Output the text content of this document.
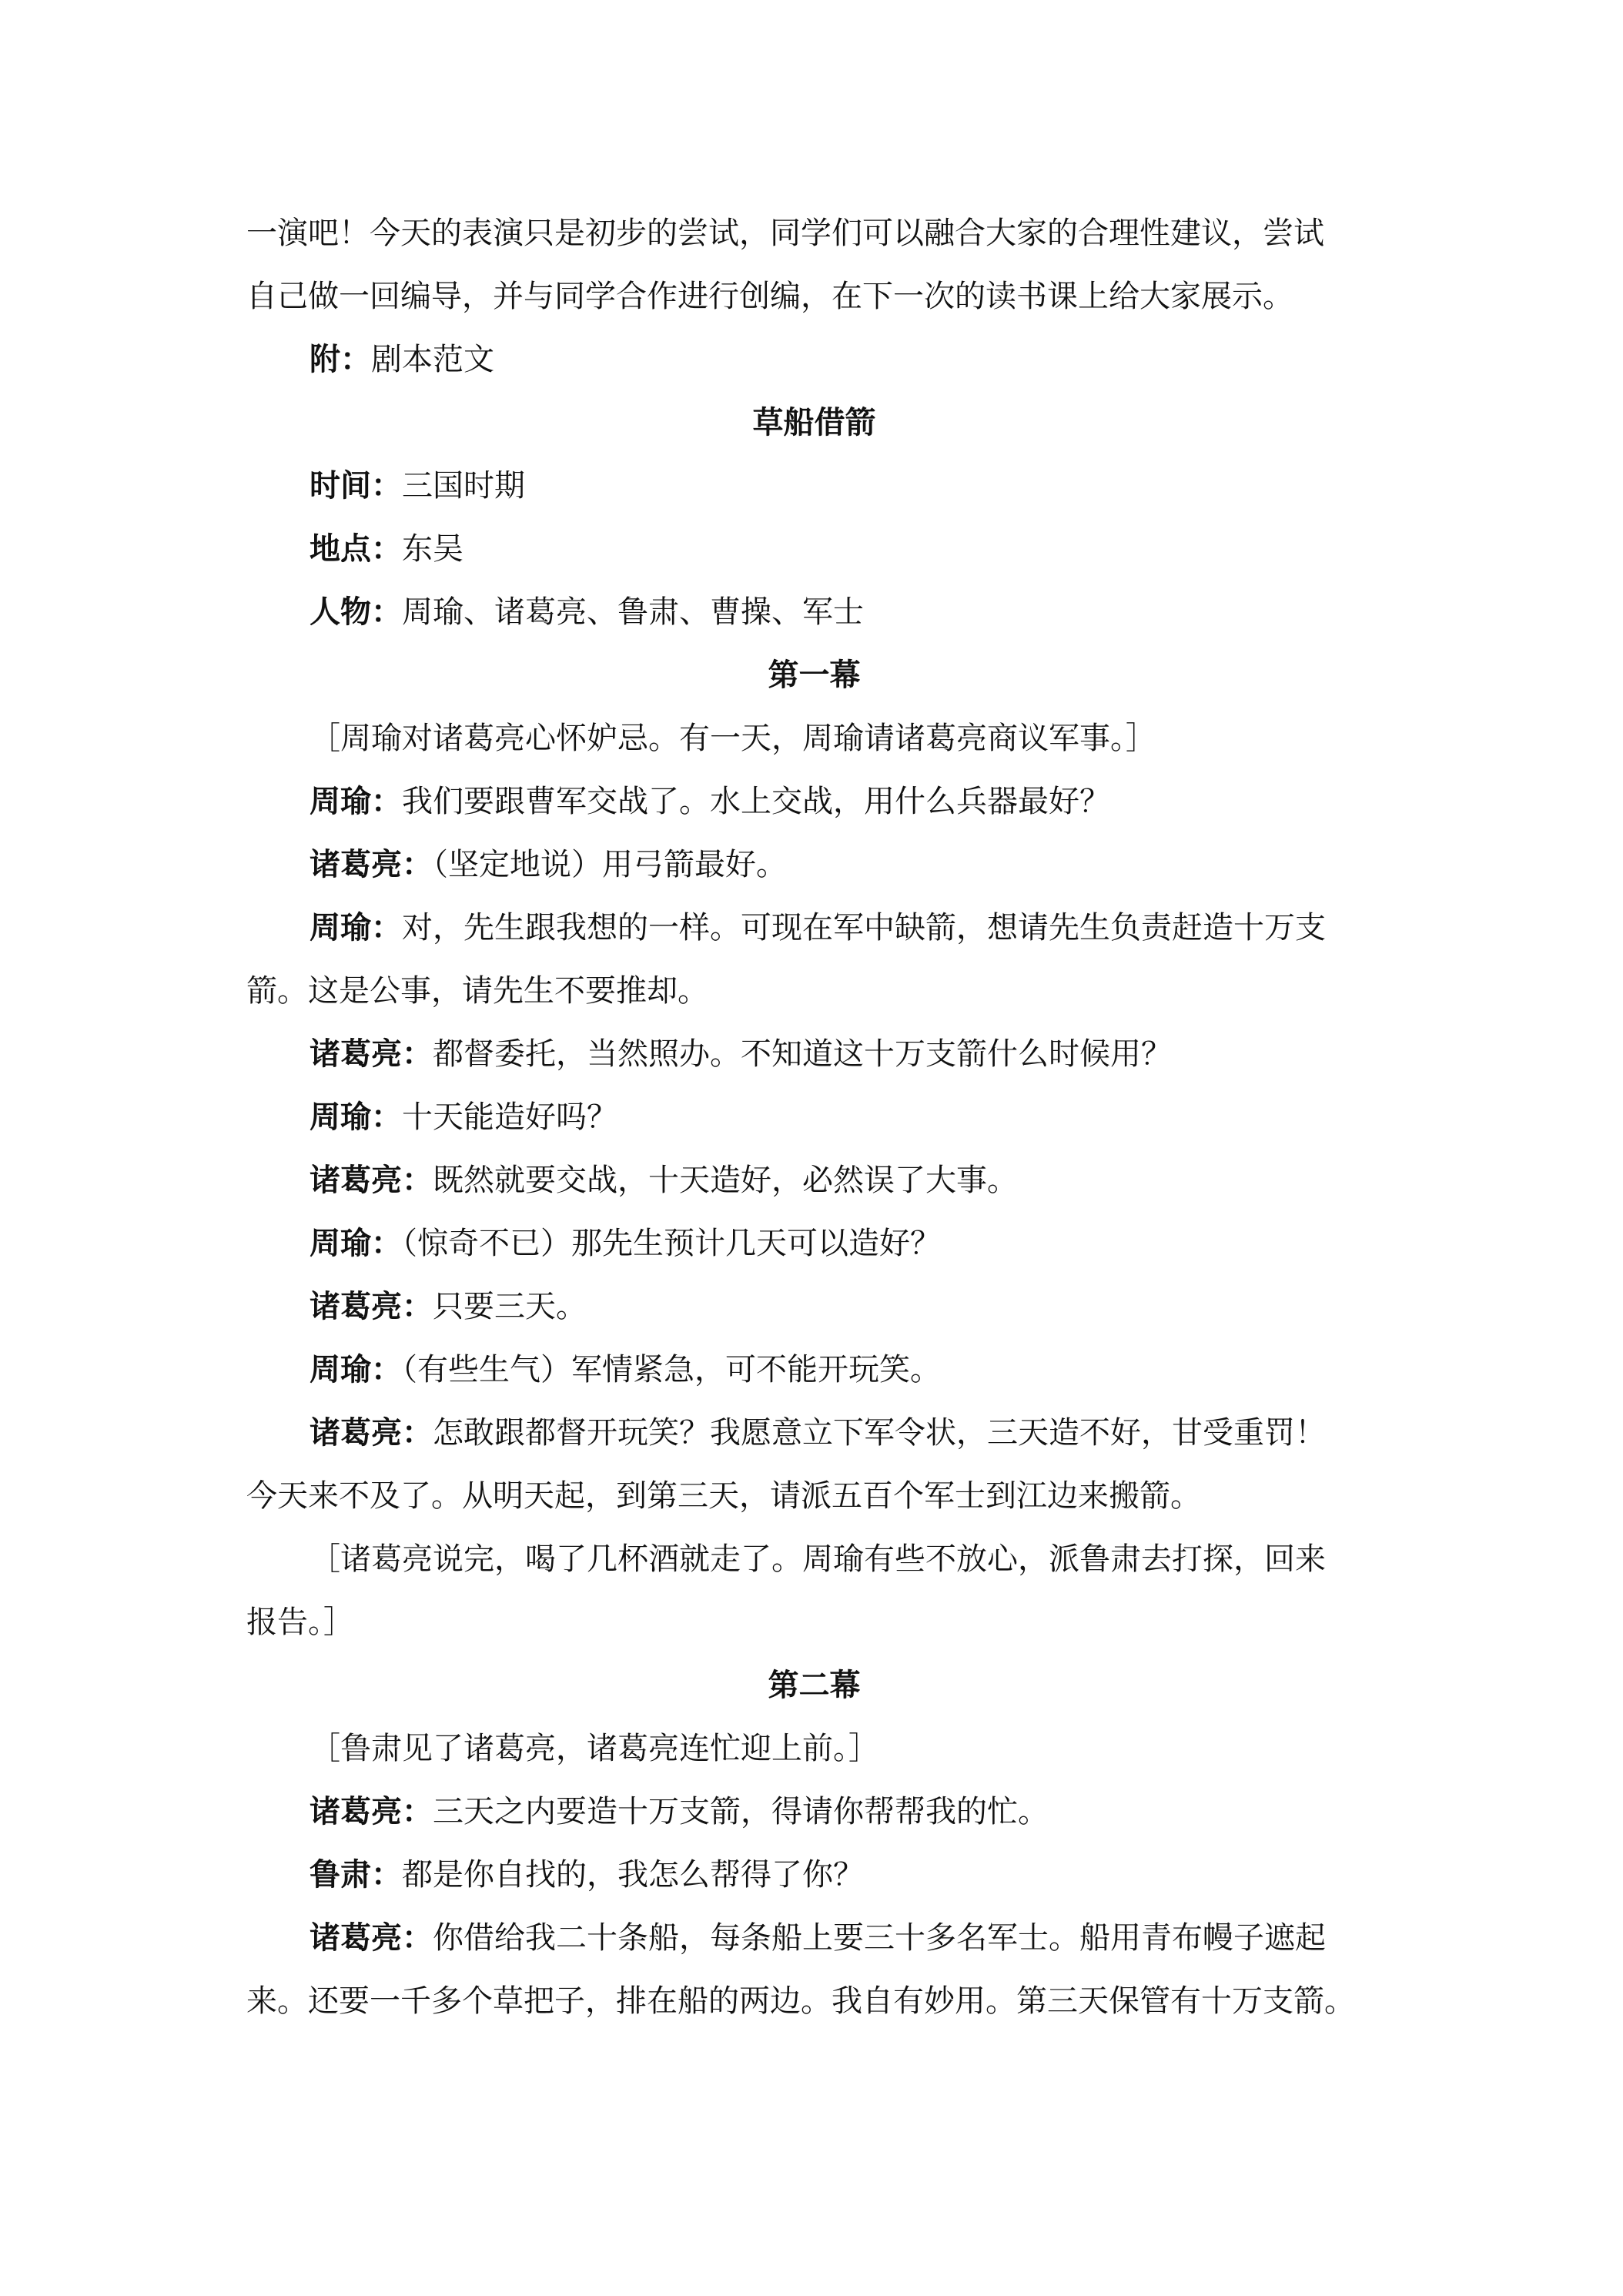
一演吧！今天的表演只是初步的尝试，同学们可以融合大家的合理性建议，尝试

自己做一回编导，并与同学合作进行创编，在下一次的读书课上给大家展示。

附：剧本范文

草船借箭

时间：三国时期

地点：东吴

人物：周瑜、诸葛亮、鲁肃、曹操、军士

第一幕

［周瑜对诸葛亮心怀妒忌。有一天，周瑜请诸葛亮商议军事。］

周瑜：我们要跟曹军交战了。水上交战，用什么兵器最好？

诸葛亮：（坚定地说）用弓箭最好。

周瑜：对，先生跟我想的一样。可现在军中缺箭，想请先生负责赶造十万支

箭。这是公事，请先生不要推却。

诸葛亮：都督委托，当然照办。不知道这十万支箭什么时候用？

周瑜：十天能造好吗？

诸葛亮：既然就要交战，十天造好，必然误了大事。

周瑜：（惊奇不已）那先生预计几天可以造好？

诸葛亮：只要三天。

周瑜：（有些生气）军情紧急，可不能开玩笑。

诸葛亮：怎敢跟都督开玩笑？我愿意立下军令状，三天造不好，甘受重罚！

今天来不及了。从明天起，到第三天，请派五百个军士到江边来搬箭。

［诸葛亮说完，喝了几杯酒就走了。周瑜有些不放心，派鲁肃去打探，回来

报告。］

第二幕

［鲁肃见了诸葛亮，诸葛亮连忙迎上前。］

诸葛亮：三天之内要造十万支箭，得请你帮帮我的忙。

鲁肃：都是你自找的，我怎么帮得了你？

诸葛亮：你借给我二十条船，每条船上要三十多名军士。船用青布幔子遮起

来。还要一千多个草把子，排在船的两边。我自有妙用。第三天保管有十万支箭。
